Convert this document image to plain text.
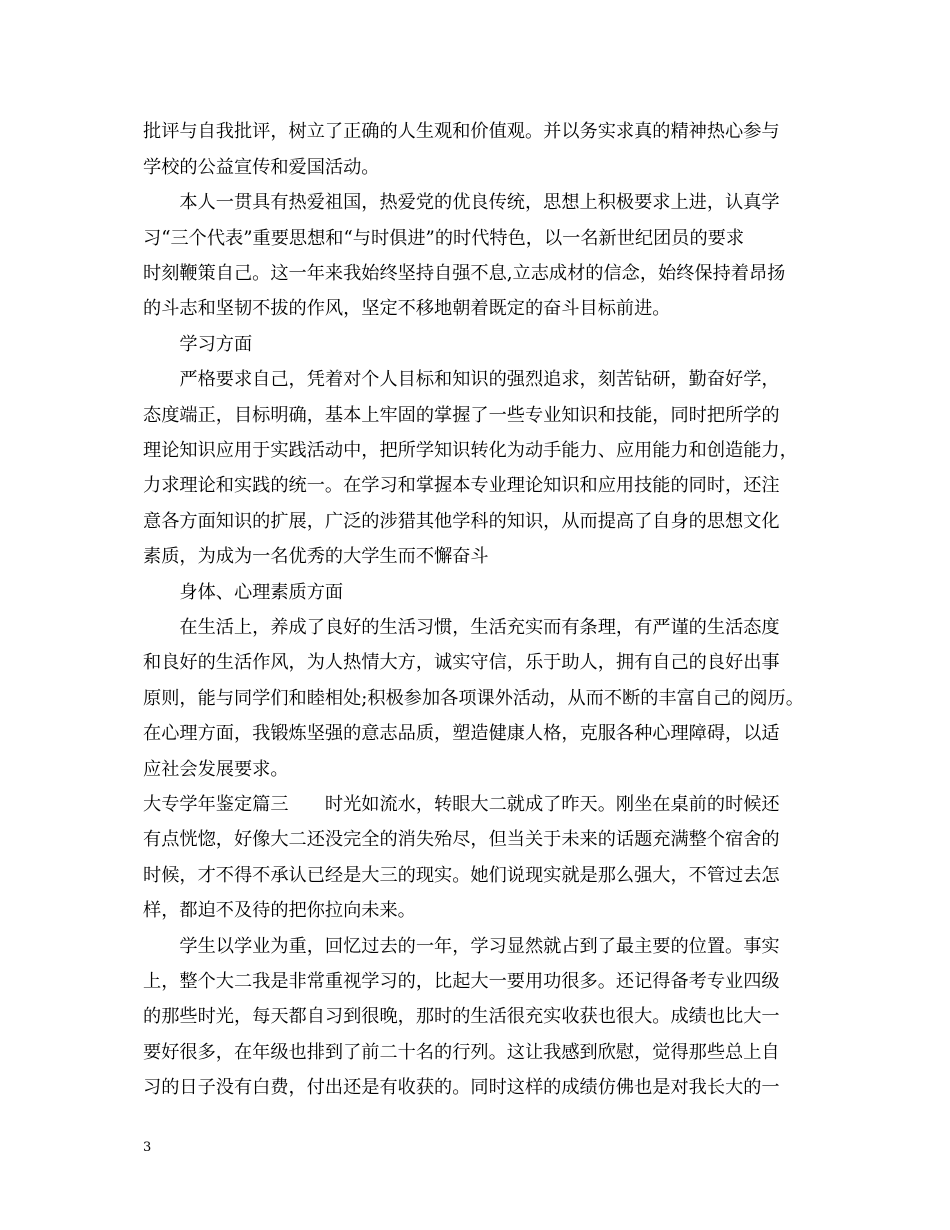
批评与自我批评，树立了正确的人生观和价值观。并以务实求真的精神热心参与
学校的公益宣传和爱国活动。
　　本人一贯具有热爱祖国，热爱党的优良传统，思想上积极要求上进，认真学
习“三个代表”重要思想和“与时俱进”的时代特色，以一名新世纪团员的要求
时刻鞭策自己。这一年来我始终坚持自强不息,立志成材的信念，始终保持着昂扬
的斗志和坚韧不拔的作风，坚定不移地朝着既定的奋斗目标前进。
　　学习方面
　　严格要求自己，凭着对个人目标和知识的强烈追求，刻苦钻研，勤奋好学，
态度端正，目标明确，基本上牢固的掌握了一些专业知识和技能，同时把所学的
理论知识应用于实践活动中，把所学知识转化为动手能力、应用能力和创造能力，
力求理论和实践的统一。在学习和掌握本专业理论知识和应用技能的同时，还注
意各方面知识的扩展，广泛的涉猎其他学科的知识，从而提高了自身的思想文化
素质，为成为一名优秀的大学生而不懈奋斗
　　身体、心理素质方面
　　在生活上，养成了良好的生活习惯，生活充实而有条理，有严谨的生活态度
和良好的生活作风，为人热情大方，诚实守信，乐于助人，拥有自己的良好出事
原则，能与同学们和睦相处;积极参加各项课外活动，从而不断的丰富自己的阅历。
在心理方面，我锻炼坚强的意志品质，塑造健康人格，克服各种心理障碍，以适
应社会发展要求。
大专学年鉴定篇三　　时光如流水，转眼大二就成了昨天。刚坐在桌前的时候还
有点恍惚，好像大二还没完全的消失殆尽，但当关于未来的话题充满整个宿舍的
时候，才不得不承认已经是大三的现实。她们说现实就是那么强大，不管过去怎
样，都迫不及待的把你拉向未来。
　　学生以学业为重，回忆过去的一年，学习显然就占到了最主要的位置。事实
上，整个大二我是非常重视学习的，比起大一要用功很多。还记得备考专业四级
的那些时光，每天都自习到很晚，那时的生活很充实收获也很大。成绩也比大一
要好很多，在年级也排到了前二十名的行列。这让我感到欣慰，觉得那些总上自
习的日子没有白费，付出还是有收获的。同时这样的成绩仿佛也是对我长大的一
3
